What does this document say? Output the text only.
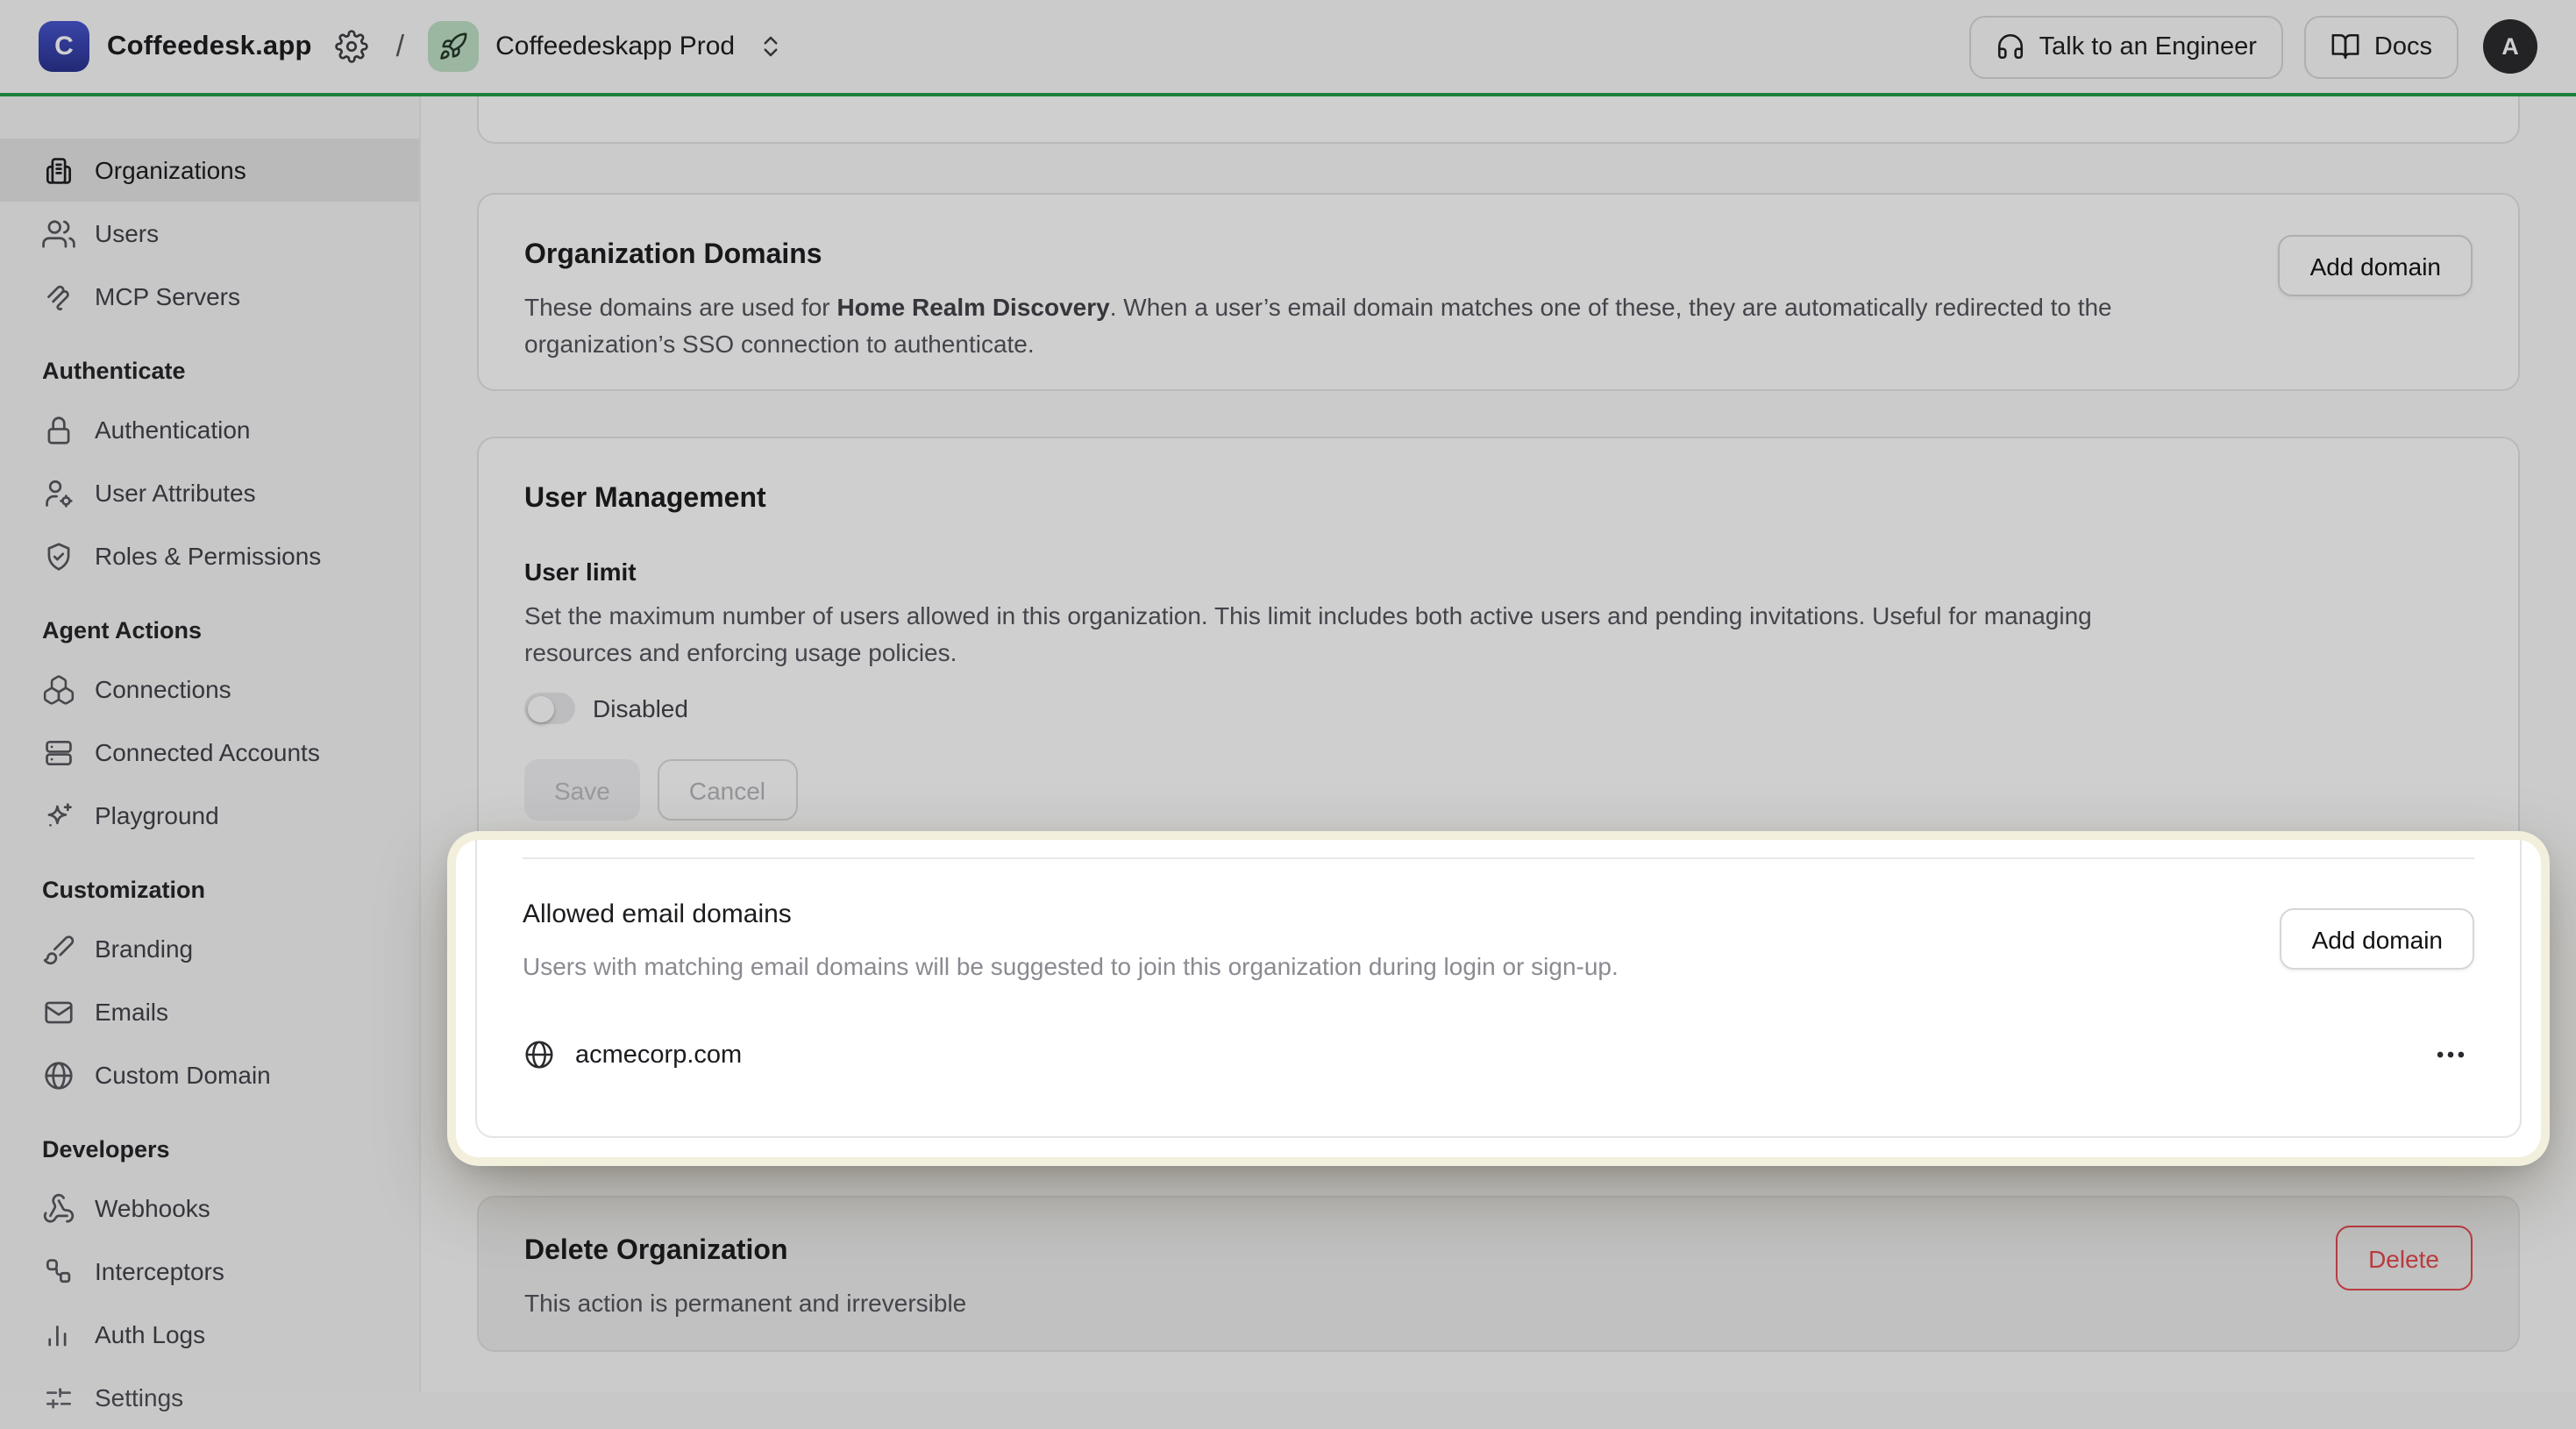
C Coffeedesk.app	/	Coffeedeskapp Prod	Talk to an Engineer	Docs	A
Organizations
Users
MCP Servers
Authenticate
Authentication
User Attributes
Roles & Permissions
Agent Actions
Connections
Connected Accounts
Playground
Customization
Branding
Emails
Custom Domain
Developers
Webhooks
Interceptors
Auth Logs
Settings
Organization Domains

These domains are used for Home Realm Discovery. When a user’s email domain matches one of these, they are automatically redirected to the organization’s SSO connection to authenticate.

Add domain
User Management
User limit

Set the maximum number of users allowed in this organization. This limit includes both active users and pending invitations. Useful for managing resources and enforcing usage policies.

Disabled
Save	Cancel
Delete Organization

This action is permanent and irreversible

Delete
Allowed email domains

Users with matching email domains will be suggested to join this organization during login or sign-up.

Add domain
acmecorp.com
